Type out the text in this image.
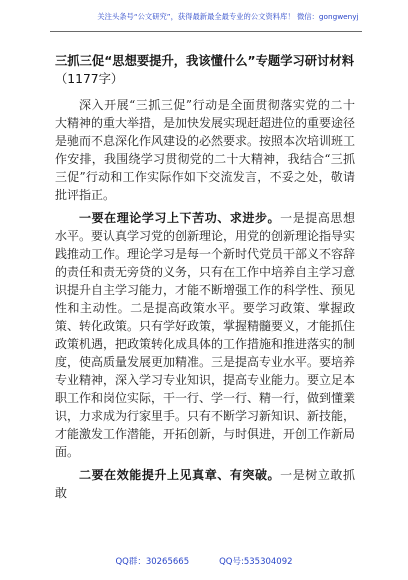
关注头条号“公文研究”，获得最新最全最专业的公文资料库！ 微信：gongwenyj
三抓三促“思想要提升，我该懂什么”专题学习研讨材料
（1177字）

深入开展“三抓三促”行动是全面贯彻落实党的二十大精神的重大举措，是加快发展实现赶超进位的重要途径是驰而不息深化作风建设的必然要求。按照本次培训班工作安排，我围绕学习贯彻党的二十大精神，我结合“三抓三促”行动和工作实际作如下交流发言，不妥之处，敬请批评指正。

一要在理论学习上下苦功、求进步。一是提高思想水平。要认真学习党的创新理论，用党的创新理论指导实践推动工作。理论学习是每一个新时代党员干部义不容辞的责任和责无旁贷的义务，只有在工作中培养自主学习意识提升自主学习能力，才能不断增强工作的科学性、预见性和主动性。二是提高政策水平。要学习政策、掌握政策、转化政策。只有学好政策，掌握精髓要义，才能抓住政策机遇，把政策转化成具体的工作措施和推进落实的制度，使高质量发展更加精准。三是提高专业水平。要培养专业精神，深入学习专业知识，提高专业能力。要立足本职工作和岗位实际，干一行、学一行、精一行，做到懂業识，力求成为行家里手。只有不断学习新知识、新技能，才能激发工作潜能，开拓创新，与时俱进，开创工作新局面。

二要在效能提升上见真章、有突破。一是树立敢抓敢

QQ群：30265665	QQ号:535304092
